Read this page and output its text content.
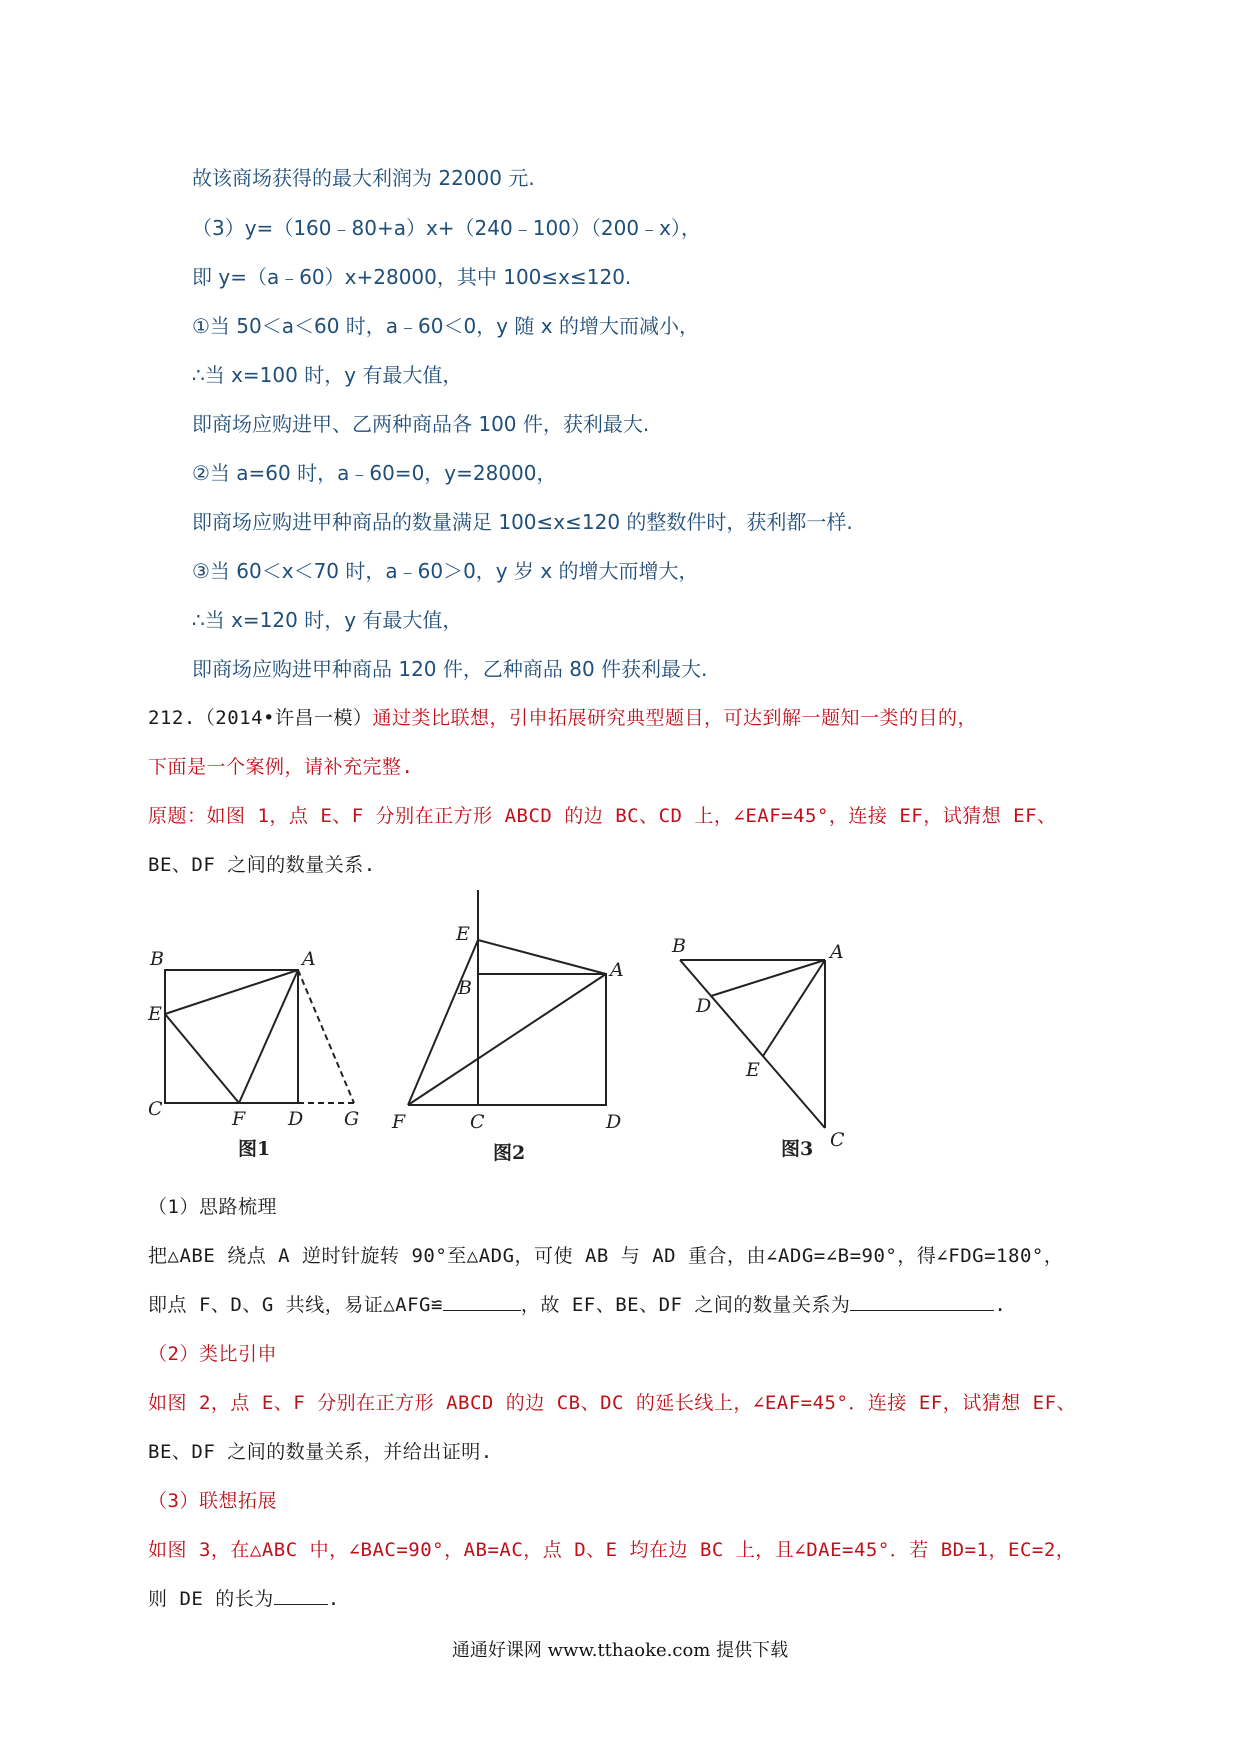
故该商场获得的最大利润为 22000 元.
（3）y=（160﹣80+a）x+（240﹣100）（200﹣x），
即 y=（a﹣60）x+28000，其中 100≤x≤120.
①当 50＜a＜60 时，a﹣60＜0，y 随 x 的增大而减小，
∴当 x=100 时，y 有最大值，
即商场应购进甲、乙两种商品各 100 件，获利最大.
②当 a=60 时，a﹣60=0，y=28000，
即商场应购进甲种商品的数量满足 100≤x≤120 的整数件时，获利都一样.
③当 60＜x＜70 时，a﹣60＞0，y 岁 x 的增大而增大，
∴当 x=120 时，y 有最大值，
即商场应购进甲种商品 120 件，乙种商品 80 件获利最大.
212.（2014•许昌一模）通过类比联想，引申拓展研究典型题目，可达到解一题知一类的目的，
下面是一个案例，请补充完整.
原题：如图 1，点 E、F 分别在正方形 ABCD 的边 BC、CD 上，∠EAF=45°，连接 EF，试猜想 EF、
BE、DF 之间的数量关系.
B	A
E
C	F D G
E
B
A
F	C	D
B	A
D
E
C
图1	图2	图3
（1）思路梳理
把△ABE 绕点 A 逆时针旋转 90°至△ADG，可使 AB 与 AD 重合，由∠ADG=∠B=90°，得∠FDG=180°，
即点 F、D、G 共线，易证△AFG≌	，故 EF、BE、DF 之间的数量关系为	.
（2）类比引申
如图 2，点 E、F 分别在正方形 ABCD 的边 CB、DC 的延长线上，∠EAF=45°．连接 EF，试猜想 EF、
BE、DF 之间的数量关系，并给出证明.
（3）联想拓展
如图 3，在△ABC 中，∠BAC=90°，AB=AC，点 D、E 均在边 BC 上，且∠DAE=45°．若 BD=1，EC=2，
则 DE 的长为	.
通通好课网 www.tthaoke.com 提供下载
